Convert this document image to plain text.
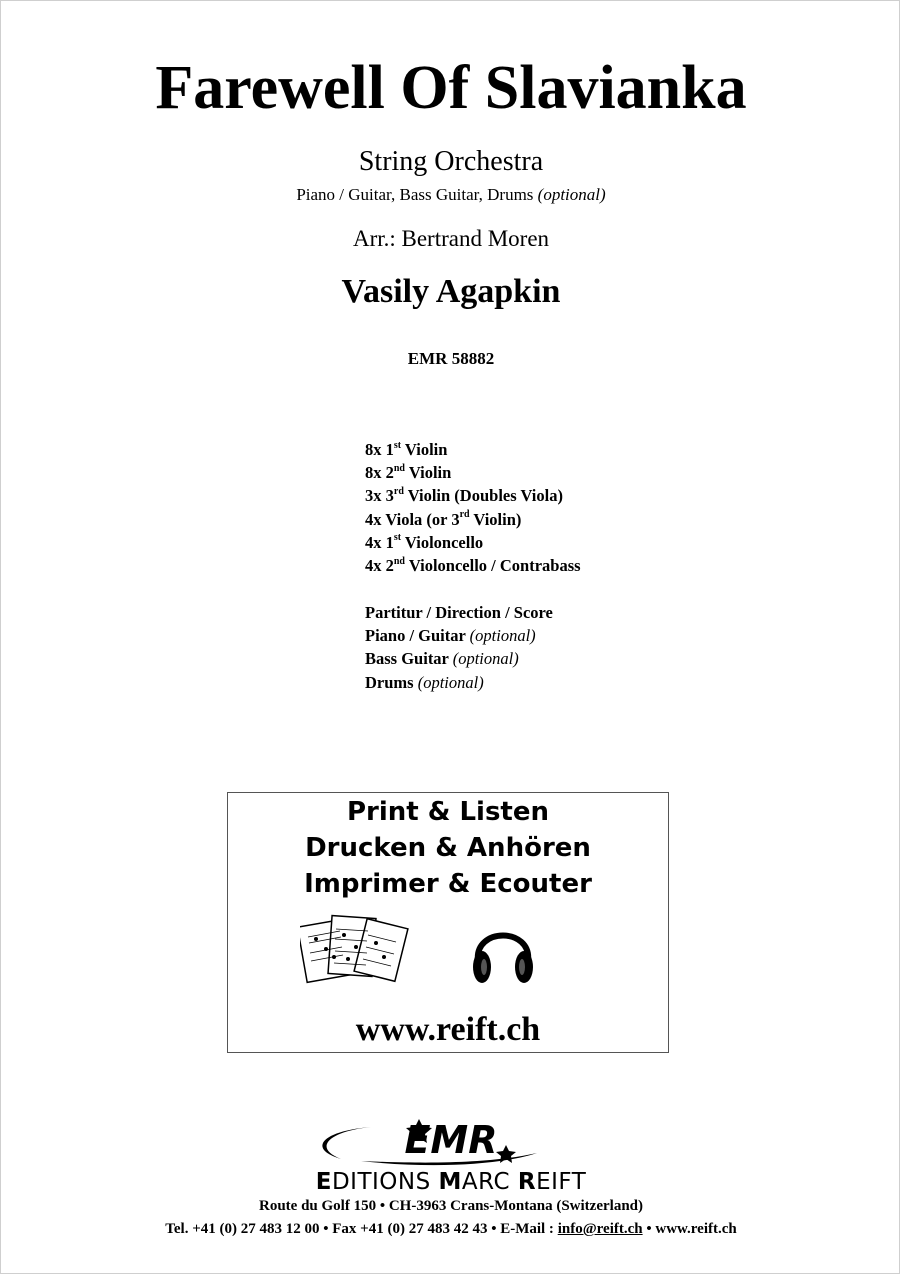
Farewell Of Slavianka
String Orchestra
Piano / Guitar, Bass Guitar, Drums (optional)
Arr.: Bertrand Moren
Vasily Agapkin
EMR 58882
8x 1st Violin
8x 2nd Violin
3x 3rd Violin (Doubles Viola)
4x Viola (or 3rd Violin)
4x 1st Violoncello
4x 2nd Violoncello / Contrabass
Partitur / Direction / Score
Piano / Guitar (optional)
Bass Guitar (optional)
Drums (optional)
Print & Listen
Drucken & Anhören
Imprimer & Ecouter
www.reift.ch
EMR
EDITIONS MARC REIFT
Route du Golf 150 • CH-3963 Crans-Montana (Switzerland)
Tel. +41 (0) 27 483 12 00 • Fax +41 (0) 27 483 42 43 • E-Mail : info@reift.ch • www.reift.ch
